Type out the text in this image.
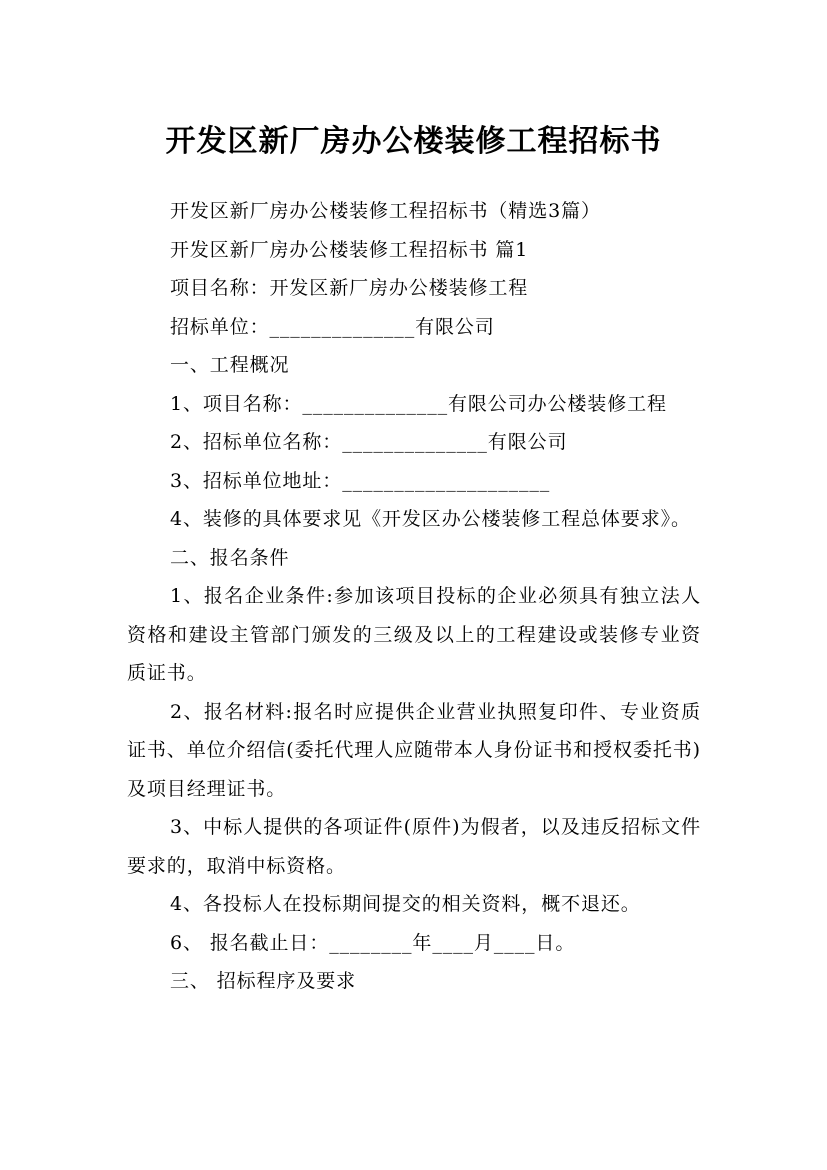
开发区新厂房办公楼装修工程招标书

开发区新厂房办公楼装修工程招标书（精选3篇）

开发区新厂房办公楼装修工程招标书 篇1

项目名称：开发区新厂房办公楼装修工程

招标单位：______________有限公司

一、工程概况

1、项目名称：______________有限公司办公楼装修工程

2、招标单位名称：______________有限公司

3、招标单位地址：____________________

4、装修的具体要求见《开发区办公楼装修工程总体要求》。

二、报名条件

1、报名企业条件:参加该项目投标的企业必须具有独立法人资格和建设主管部门颁发的三级及以上的工程建设或装修专业资质证书。

2、报名材料:报名时应提供企业营业执照复印件、专业资质证书、单位介绍信(委托代理人应随带本人身份证书和授权委托书)及项目经理证书。

3、中标人提供的各项证件(原件)为假者，以及违反招标文件要求的，取消中标资格。

4、各投标人在投标期间提交的相关资料，概不退还。

6、 报名截止日：________年____月____日。

三、 招标程序及要求
